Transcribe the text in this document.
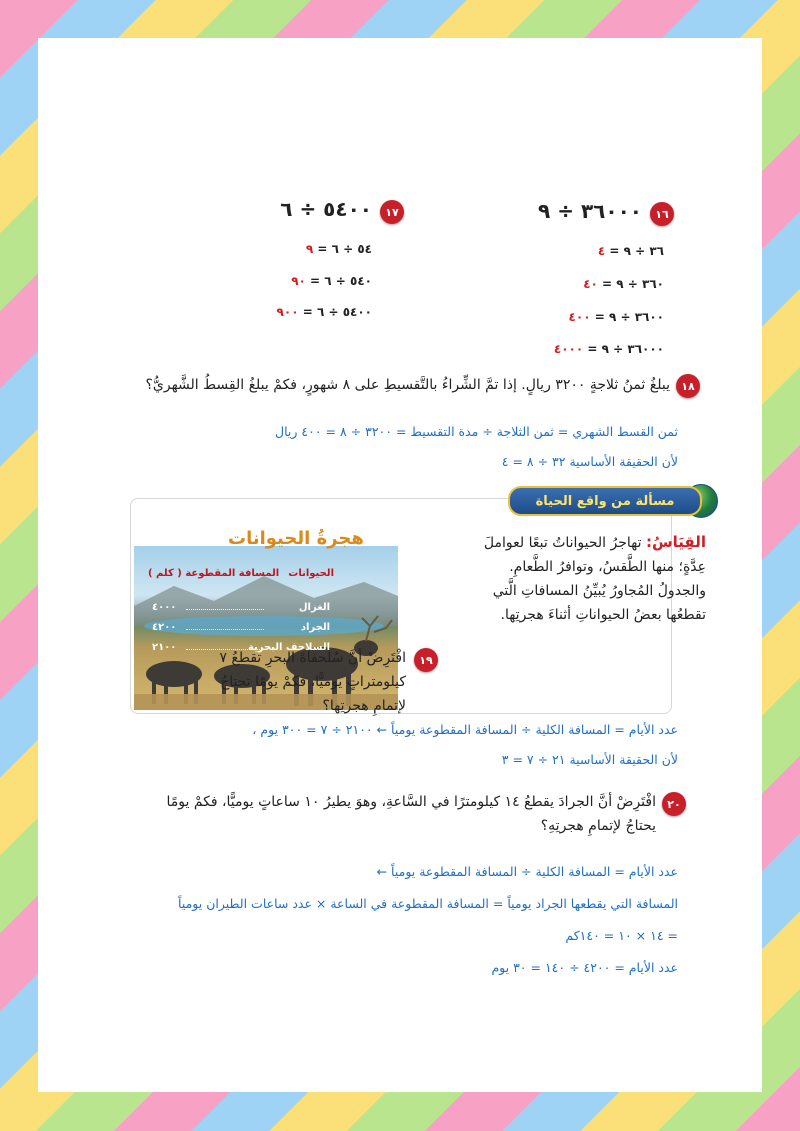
١٦
٣٦٠٠٠ ÷ ٩
٣٦ ÷ ٩ = ٤
٣٦٠ ÷ ٩ = ٤٠
٣٦٠٠ ÷ ٩ = ٤٠٠
٣٦٠٠٠ ÷ ٩ = ٤٠٠٠
١٧
٥٤٠٠ ÷ ٦
٥٤ ÷ ٦ = ٩
٥٤٠ ÷ ٦ = ٩٠
٥٤٠٠ ÷ ٦ = ٩٠٠
١٨
يبلغُ ثمنُ ثلاجةٍ ٣٢٠٠ ريالٍ. إذا تمَّ الشِّراءُ بالتَّقسيطِ على ٨ شهورٍ، فكمْ يبلغُ القِسطُ الشَّهريُّ؟
ثمن القسط الشهري = ثمن الثلاجة ÷ مدة التقسيط = ٣٢٠٠ ÷ ٨ = ٤٠٠ ريال
لأن الحقيقة الأساسية ٣٢ ÷ ٨ = ٤
مسألة من واقع الحياة
الحيوانات
المسافة المقطوعة ( كلم )
الغزال
٤٠٠٠
الجراد
٤٢٠٠
السلاحف البحرية
٢١٠٠
هجرةُ الحيوانات	القِيَاسُ: تهاجرُ الحيواناتُ تبعًا لعواملَ عِدَّةٍ؛ منها الطَّقسُ، وتوافرُ الطَّعامِ. والجدولُ المُجاورُ يُبيِّنُ المسافاتِ الَّتي تقطعُها بعضُ الحيواناتِ أثناءَ هجرتِها.
١٩
افْتَرِضْ أنَّ سُلحفاةَ البحرِ تقطعُ ٧ كيلومتراتٍ يوميًّا، فكمْ يومًا تحتاجُ لإتمامِ هجرتِها؟
عدد الأيام = المسافة الكلية ÷ المسافة المقطوعة يومياً ← ٢١٠٠ ÷ ٧ = ٣٠٠ يوم ،
لأن الحقيقة الأساسية ٢١ ÷ ٧ = ٣
٢٠
افْتَرِضْ أنَّ الجرادَ يقطعُ ١٤ كيلومترًا في السَّاعةِ، وهوَ يطيرُ ١٠ ساعاتٍ يوميًّا، فكمْ يومًا يحتاجُ لإتمامِ هجرتِهِ؟
عدد الأيام = المسافة الكلية ÷ المسافة المقطوعة يومياً ←
المسافة التي يقطعها الجراد يومياً = المسافة المقطوعة في الساعة × عدد ساعات الطيران يومياً
= ١٤ × ١٠ = ١٤٠كم
عدد الأيام = ٤٢٠٠ ÷ ١٤٠ = ٣٠ يوم
